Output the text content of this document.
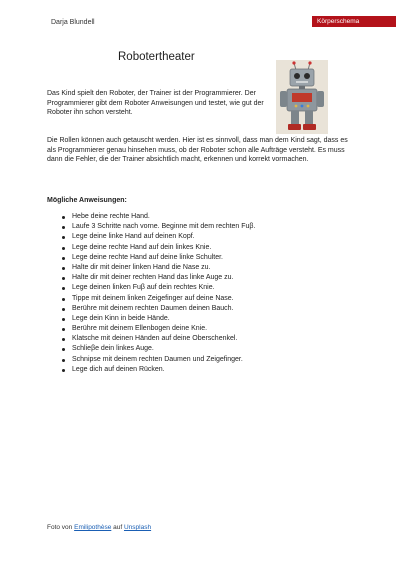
Darja Blundell	Körperschema
Robotertheater

Das Kind spielt den Roboter, der Trainer ist der Programmierer. Der Programmierer gibt dem Roboter Anweisungen und testet, wie gut der Roboter ihn schon versteht.

Die Rollen können auch getauscht werden. Hier ist es sinnvoll, dass man dem Kind sagt, dass es als Programmierer genau hinsehen muss, ob der Roboter schon alle Aufträge versteht. Es muss dann die Fehler, die der Trainer absichtlich macht, erkennen und korrekt vormachen.

Mögliche Anweisungen:

Hebe deine rechte Hand.
Laufe 3 Schritte nach vorne. Beginne mit dem rechten Fuβ.
Lege deine linke Hand auf deinen Kopf.
Lege deine rechte Hand auf dein linkes Knie.
Lege deine rechte Hand auf deine linke Schulter.
Halte dir mit deiner linken Hand die Nase zu.
Halte dir mit deiner rechten Hand das linke Auge zu.
Lege deinen linken Fuβ auf dein rechtes Knie.
Tippe mit deinem linken Zeigefinger auf deine Nase.
Berühre mit deinem rechten Daumen deinen Bauch.
Lege dein Kinn in beide Hände.
Berühre mit deinem Ellenbogen deine Knie.
Klatsche mit deinen Händen auf deine Oberschenkel.
Schlieβe dein linkes Auge.
Schnipse mit deinem rechten Daumen und Zeigefinger.
Lege dich auf deinen Rücken.
Foto von Emilipothèse auf Unsplash
